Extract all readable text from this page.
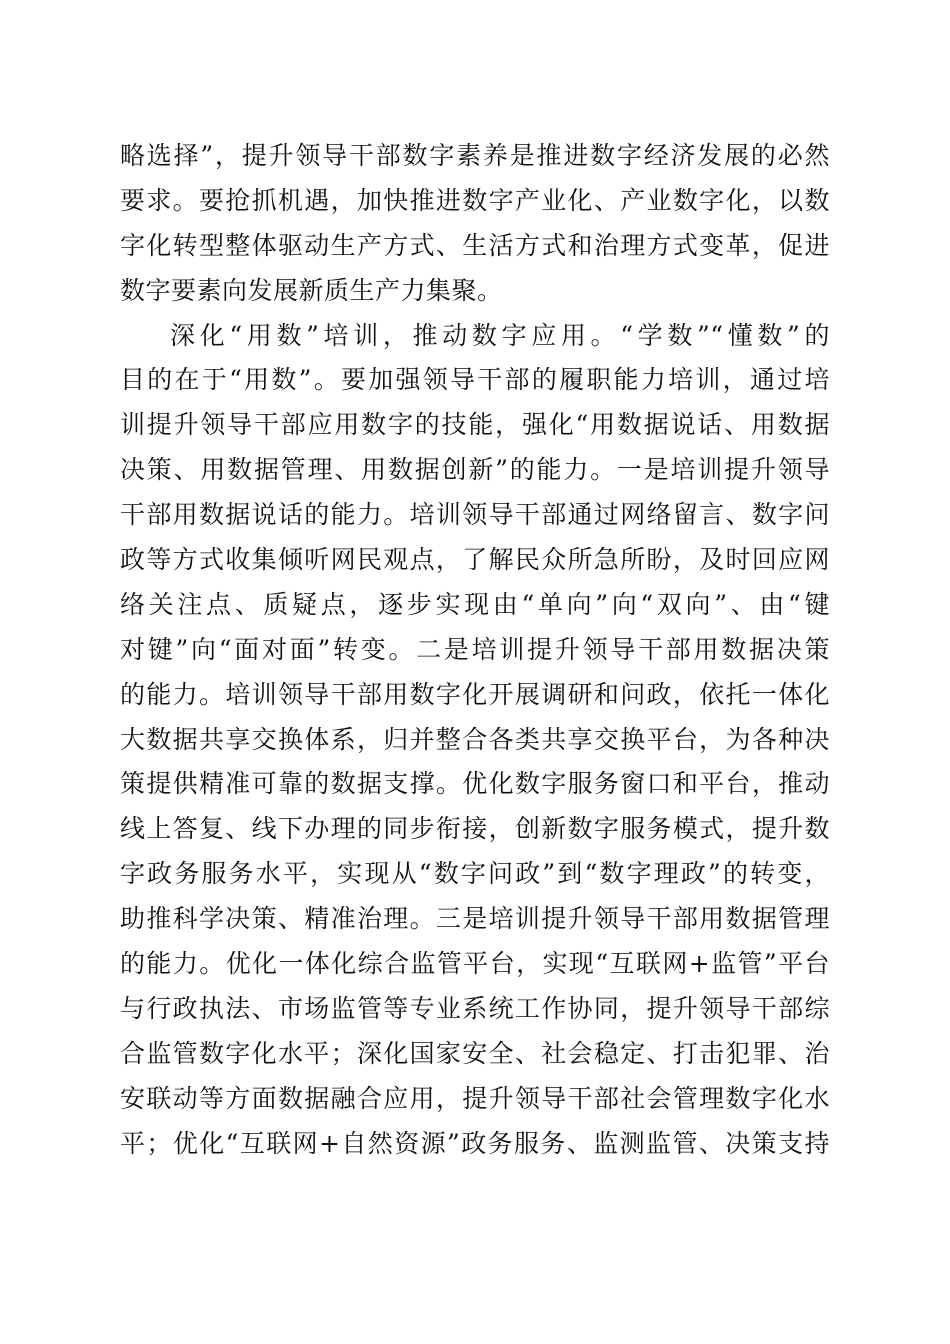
略选择”，提升领导干部数字素养是推进数字经济发展的必然
要求。要抢抓机遇，加快推进数字产业化、产业数字化，以数
字化转型整体驱动生产方式、生活方式和治理方式变革，促进
数字要素向发展新质生产力集聚。
深化“用数”培训，推动数字应用。“学数”“懂数”的
目的在于“用数”。要加强领导干部的履职能力培训，通过培
训提升领导干部应用数字的技能，强化“用数据说话、用数据
决策、用数据管理、用数据创新”的能力。一是培训提升领导
干部用数据说话的能力。培训领导干部通过网络留言、数字问
政等方式收集倾听网民观点，了解民众所急所盼，及时回应网
络关注点、质疑点，逐步实现由“单向”向“双向”、由“键
对键”向“面对面”转变。二是培训提升领导干部用数据决策
的能力。培训领导干部用数字化开展调研和问政，依托一体化
大数据共享交换体系，归并整合各类共享交换平台，为各种决
策提供精准可靠的数据支撑。优化数字服务窗口和平台，推动
线上答复、线下办理的同步衔接，创新数字服务模式，提升数
字政务服务水平，实现从“数字问政”到“数字理政”的转变，
助推科学决策、精准治理。三是培训提升领导干部用数据管理
的能力。优化一体化综合监管平台，实现“互联网+监管”平台
与行政执法、市场监管等专业系统工作协同，提升领导干部综
合监管数字化水平；深化国家安全、社会稳定、打击犯罪、治
安联动等方面数据融合应用，提升领导干部社会管理数字化水
平；优化“互联网+自然资源”政务服务、监测监管、决策支持
